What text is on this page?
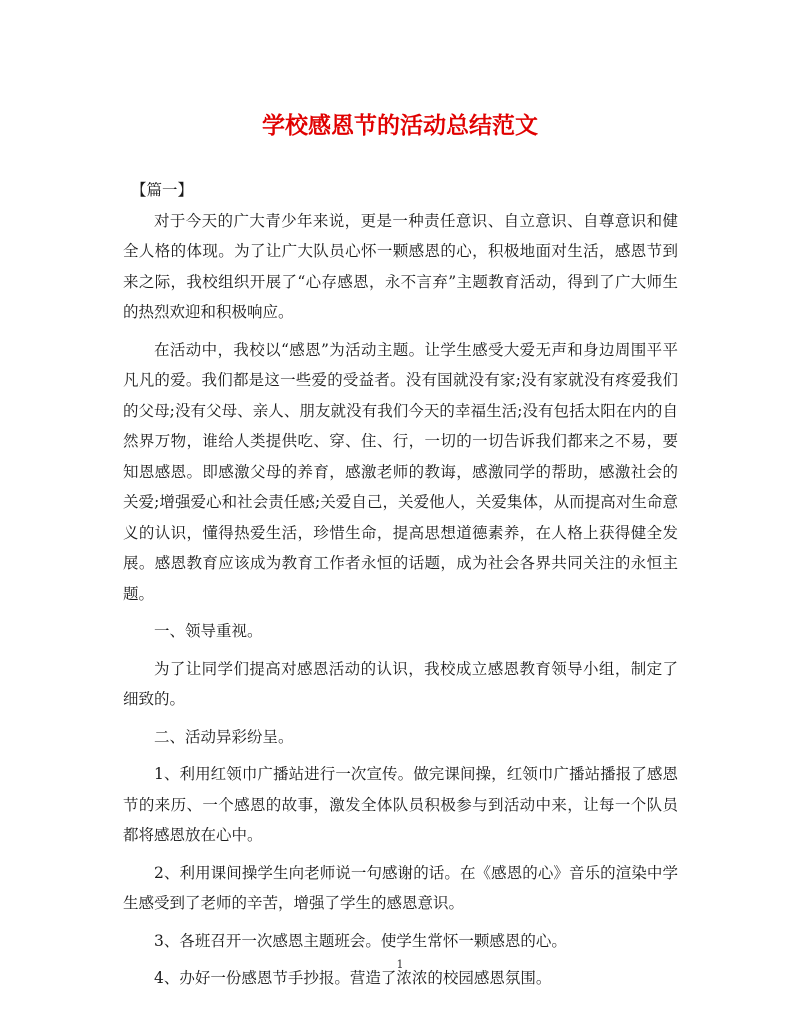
学校感恩节的活动总结范文

【篇一】

对于今天的广大青少年来说，更是一种责任意识、自立意识、自尊意识和健全人格的体现。为了让广大队员心怀一颗感恩的心，积极地面对生活，感恩节到来之际，我校组织开展了“心存感恩，永不言弃”主题教育活动，得到了广大师生的热烈欢迎和积极响应。

在活动中，我校以“感恩”为活动主题。让学生感受大爱无声和身边周围平平凡凡的爱。我们都是这一些爱的受益者。没有国就没有家;没有家就没有疼爱我们的父母;没有父母、亲人、朋友就没有我们今天的幸福生活;没有包括太阳在内的自然界万物，谁给人类提供吃、穿、住、行，一切的一切告诉我们都来之不易，要知恩感恩。即感激父母的养育，感激老师的教诲，感激同学的帮助，感激社会的关爱;增强爱心和社会责任感;关爱自己，关爱他人，关爱集体，从而提高对生命意义的认识，懂得热爱生活，珍惜生命，提高思想道德素养，在人格上获得健全发展。感恩教育应该成为教育工作者永恒的话题，成为社会各界共同关注的永恒主题。

一、领导重视。

为了让同学们提高对感恩活动的认识，我校成立感恩教育领导小组，制定了细致的。

二、活动异彩纷呈。

1、利用红领巾广播站进行一次宣传。做完课间操，红领巾广播站播报了感恩节的来历、一个感恩的故事，激发全体队员积极参与到活动中来，让每一个队员都将感恩放在心中。

2、利用课间操学生向老师说一句感谢的话。在《感恩的心》音乐的渲染中学生感受到了老师的辛苦，增强了学生的感恩意识。

3、各班召开一次感恩主题班会。使学生常怀一颗感恩的心。

4、办好一份感恩节手抄报。营造了浓浓的校园感恩氛围。

1
